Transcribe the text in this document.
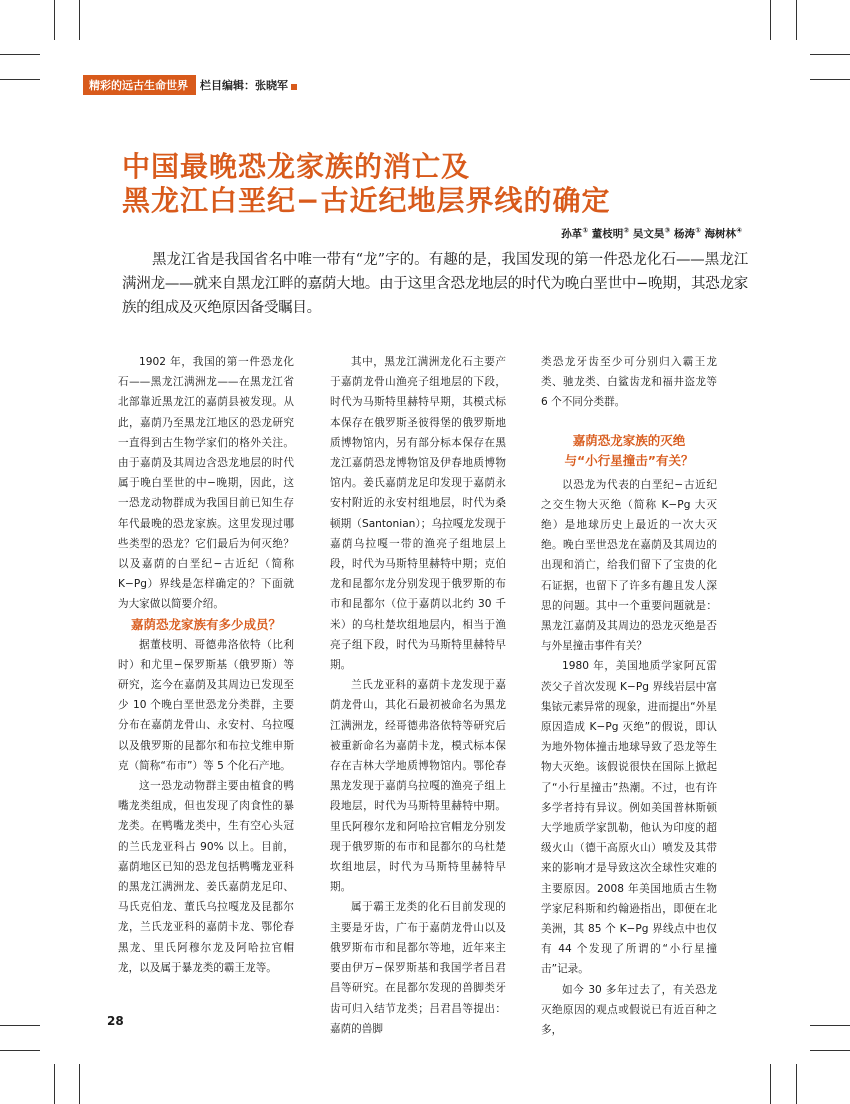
精彩的远古生命世界	栏目编辑：张晓军
中国最晚恐龙家族的消亡及
黑龙江白垩纪−古近纪地层界线的确定
孙革① 董枝明② 吴文昊③ 杨涛① 海树林④
黑龙江省是我国省名中唯一带有“龙”字的。有趣的是，我国发现的第一件恐龙化石——黑龙江满洲龙——就来自黑龙江畔的嘉荫大地。由于这里含恐龙地层的时代为晚白垩世中−晚期，其恐龙家族的组成及灭绝原因备受瞩目。

1902 年，我国的第一件恐龙化石——黑龙江满洲龙——在黑龙江省北部靠近黑龙江的嘉荫县被发现。从此，嘉荫乃至黑龙江地区的恐龙研究一直得到古生物学家们的格外关注。由于嘉荫及其周边含恐龙地层的时代属于晚白垩世的中−晚期，因此，这一恐龙动物群成为我国目前已知生存年代最晚的恐龙家族。这里发现过哪些类型的恐龙？它们最后为何灭绝？以及嘉荫的白垩纪−古近纪（简称 K−Pg）界线是怎样确定的？下面就为大家做以简要介绍。

嘉荫恐龙家族有多少成员？

据董枝明、哥德弗洛依特（比利时）和尤里−保罗斯基（俄罗斯）等研究，迄今在嘉荫及其周边已发现至少 10 个晚白垩世恐龙分类群，主要分布在嘉荫龙骨山、永安村、乌拉嘎以及俄罗斯的昆都尔和布拉戈维申斯克（简称“布市”）等 5 个化石产地。

这一恐龙动物群主要由植食的鸭嘴龙类组成，但也发现了肉食性的暴龙类。在鸭嘴龙类中，生有空心头冠的兰氏龙亚科占 90% 以上。目前，嘉荫地区已知的恐龙包括鸭嘴龙亚科的黑龙江满洲龙、姜氏嘉荫龙足印、马氏克伯龙、董氏乌拉嘎龙及昆都尔龙，兰氏龙亚科的嘉荫卡龙、鄂伦春黑龙、里氏阿穆尔龙及阿哈拉官帽龙，以及属于暴龙类的霸王龙等。

其中，黑龙江满洲龙化石主要产于嘉荫龙骨山渔亮子组地层的下段，时代为马斯特里赫特早期，其模式标本保存在俄罗斯圣彼得堡的俄罗斯地质博物馆内，另有部分标本保存在黑龙江嘉荫恐龙博物馆及伊春地质博物馆内。姜氏嘉荫龙足印发现于嘉荫永安村附近的永安村组地层，时代为桑顿期（Santonian）；乌拉嘎龙发现于嘉荫乌拉嘎一带的渔亮子组地层上段，时代为马斯特里赫特中期；克伯龙和昆都尔龙分别发现于俄罗斯的布市和昆都尔（位于嘉荫以北约 30 千米）的乌杜楚坎组地层内，相当于渔亮子组下段，时代为马斯特里赫特早期。

兰氏龙亚科的嘉荫卡龙发现于嘉荫龙骨山，其化石最初被命名为黑龙江满洲龙，经哥德弗洛依特等研究后被重新命名为嘉荫卡龙，模式标本保存在吉林大学地质博物馆内。鄂伦春黑龙发现于嘉荫乌拉嘎的渔亮子组上段地层，时代为马斯特里赫特中期。里氏阿穆尔龙和阿哈拉官帽龙分别发现于俄罗斯的布市和昆都尔的乌杜楚坎组地层，时代为马斯特里赫特早期。

属于霸王龙类的化石目前发现的主要是牙齿，广布于嘉荫龙骨山以及俄罗斯布市和昆都尔等地，近年来主要由伊万−保罗斯基和我国学者吕君昌等研究。在昆都尔发现的兽脚类牙齿可归入结节龙类；吕君昌等提出：嘉荫的兽脚

类恐龙牙齿至少可分别归入霸王龙类、驰龙类、白鲨齿龙和福井盗龙等 6 个不同分类群。

嘉荫恐龙家族的灭绝
与“小行星撞击”有关？

以恐龙为代表的白垩纪−古近纪之交生物大灭绝（简称 K−Pg 大灭绝）是地球历史上最近的一次大灭绝。晚白垩世恐龙在嘉荫及其周边的出现和消亡，给我们留下了宝贵的化石证据，也留下了许多有趣且发人深思的问题。其中一个重要问题就是：黑龙江嘉荫及其周边的恐龙灭绝是否与外星撞击事件有关？

1980 年，美国地质学家阿瓦雷茨父子首次发现 K−Pg 界线岩层中富集铱元素异常的现象，进而提出“外星原因造成 K−Pg 灭绝”的假说，即认为地外物体撞击地球导致了恐龙等生物大灭绝。该假说很快在国际上掀起了“小行星撞击”热潮。不过，也有许多学者持有异议。例如美国普林斯顿大学地质学家凯勒，他认为印度的超级火山（德干高原火山）喷发及其带来的影响才是导致这次全球性灾难的主要原因。2008 年美国地质古生物学家尼科斯和约翰逊指出，即便在北美洲，其 85 个 K−Pg 界线点中也仅有 44 个发现了所谓的“小行星撞击”记录。

如今 30 多年过去了，有关恐龙灭绝原因的观点或假说已有近百种之多，

28
